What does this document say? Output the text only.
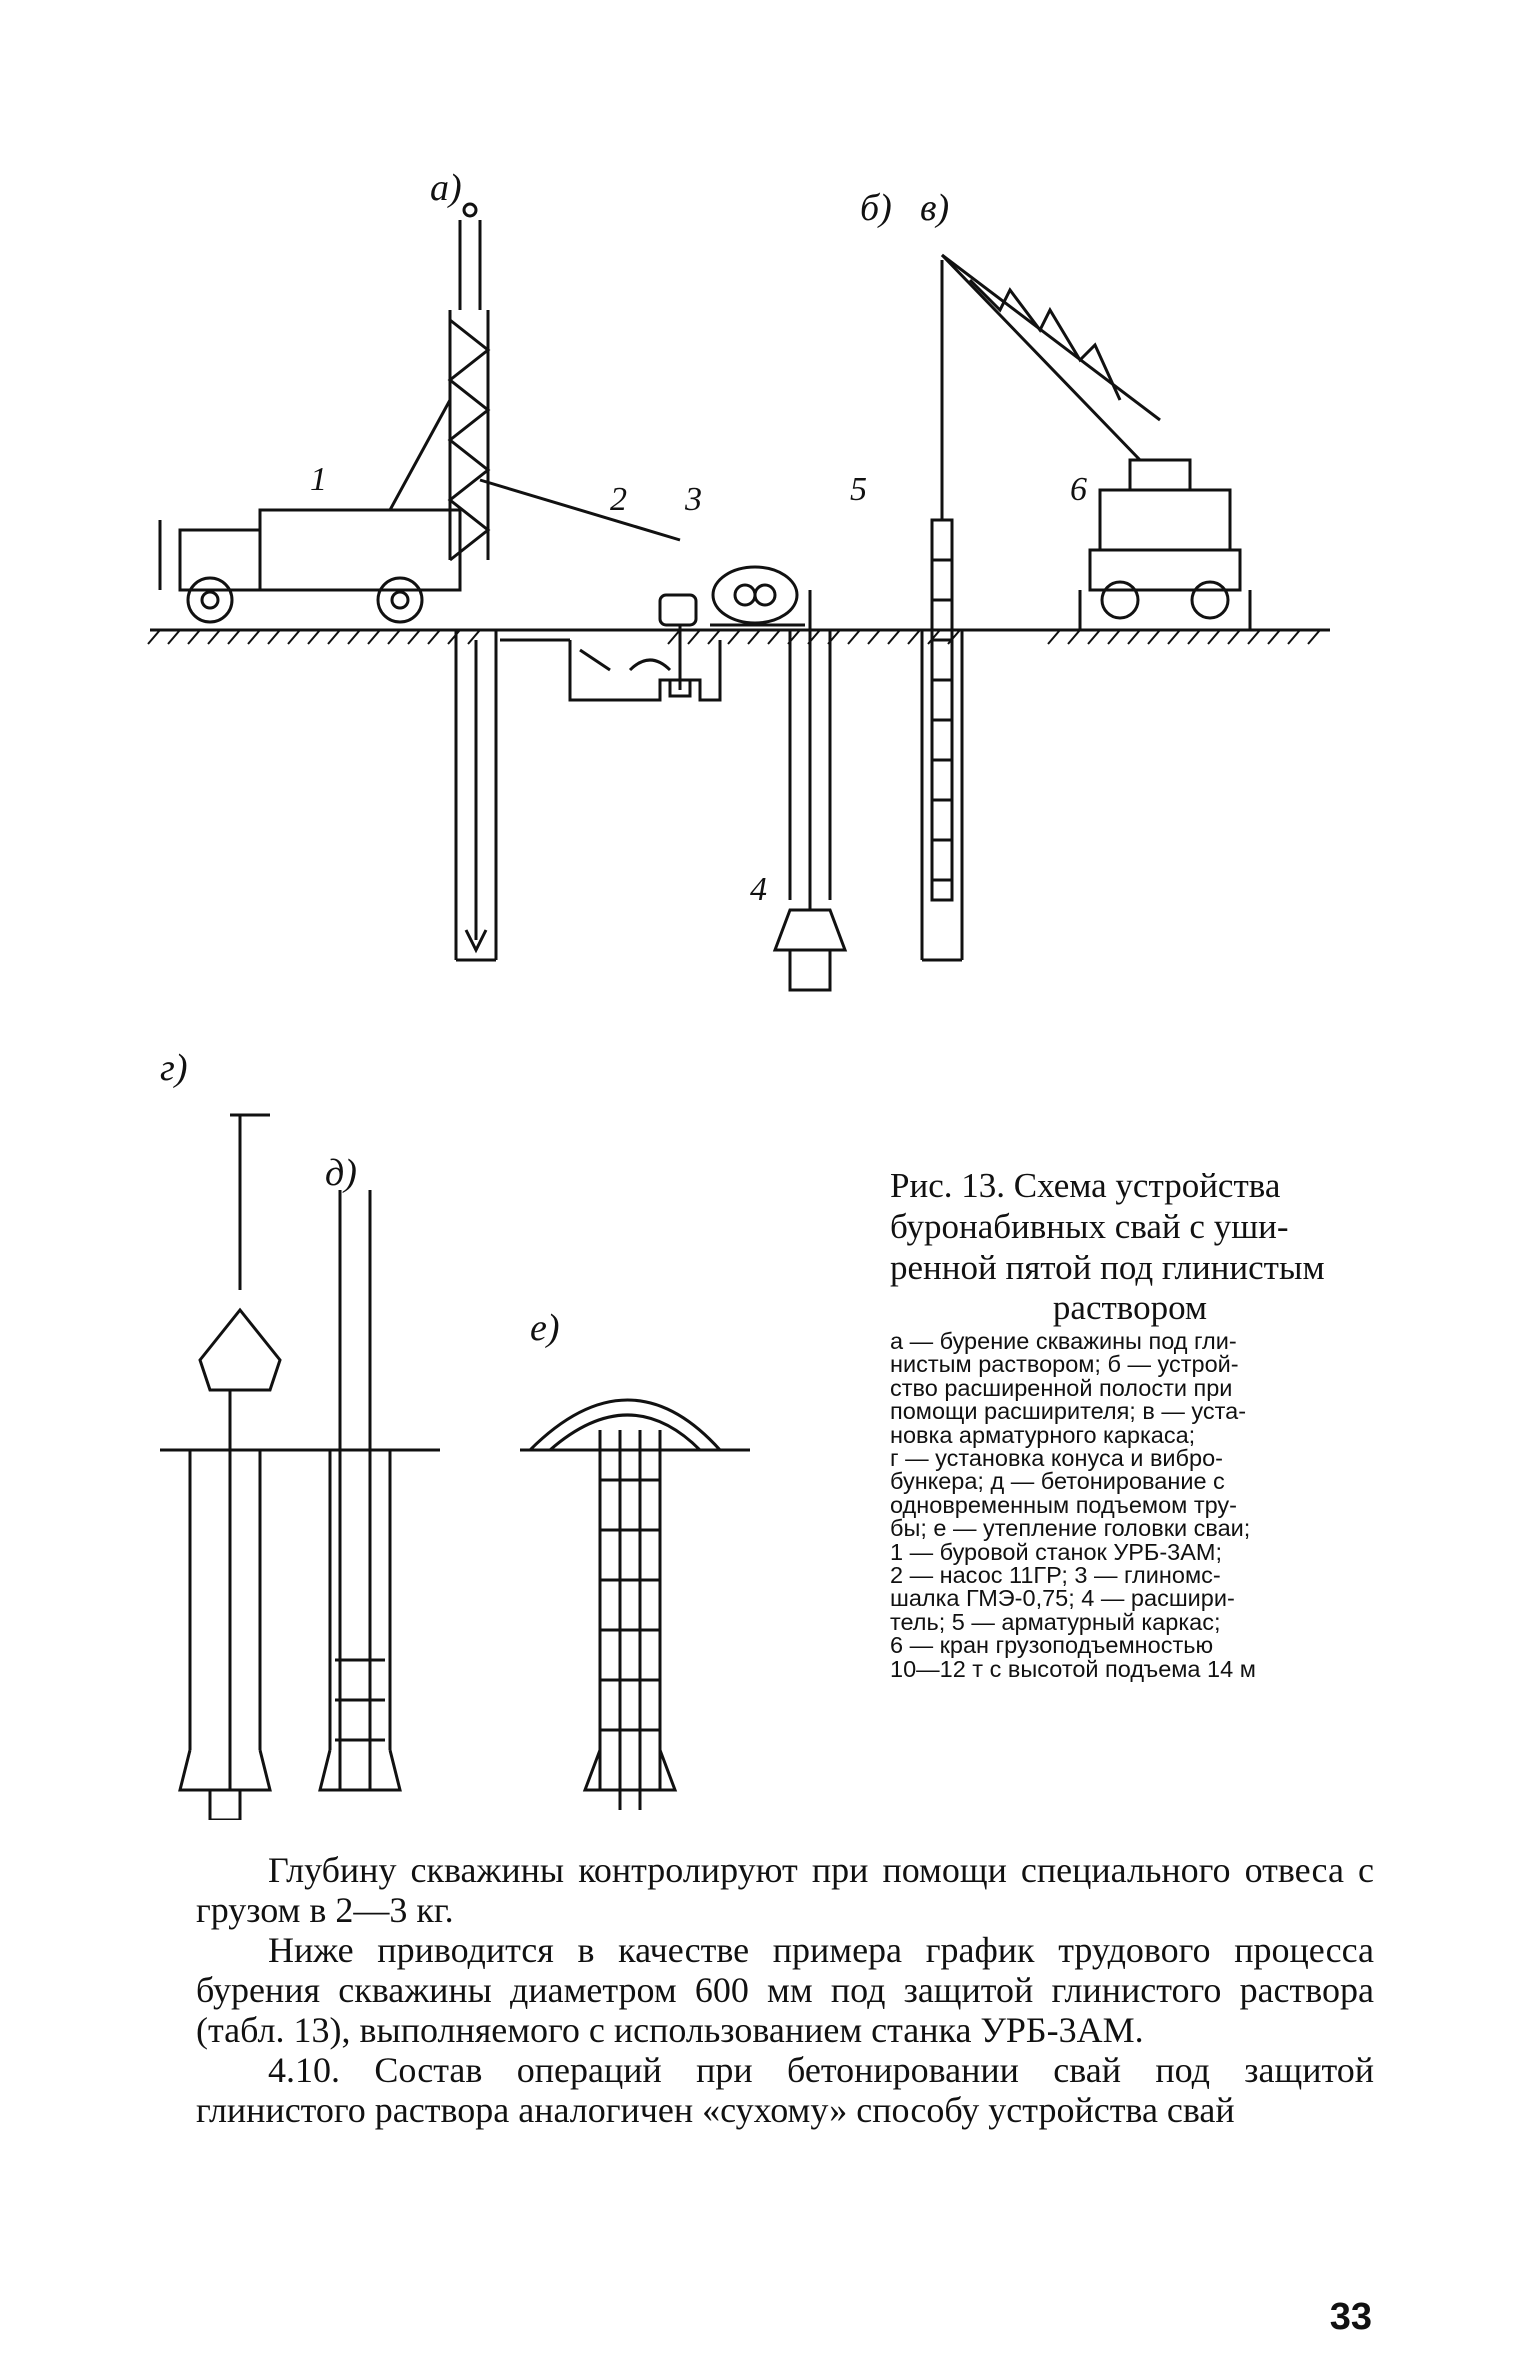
а)	б) в)
1
2 3
4
5	6
г)
д)
е)

Рис. 13. Схема устройства

буронабивных свай с уши-

ренной пятой под глинистым

раствором

а — бурение скважины под гли-
нистым раствором; б — устрой-
ство расширенной полости при
помощи расширителя; в — уста-
новка арматурного каркаса;
г — установка конуса и вибро-
бункера; д — бетонирование с
одновременным подъемом тру-
бы; е — утепление головки сваи;
1 — буровой станок УРБ-3АМ;
2 — насос 11ГР; 3 — глиномс-
шалка ГМЭ-0,75; 4 — расшири-
тель; 5 — арматурный каркас;
6 — кран грузоподъемностью
10—12 т с высотой подъема 14 м

Глубину скважины контролируют при помощи специального отвеса с грузом в 2—3 кг.

Ниже приводится в качестве примера график трудового процесса бурения скважины диаметром 600 мм под защитой глинистого раствора (табл. 13), выполняемого с использованием станка УРБ-3АМ.

4.10. Состав операций при бетонировании свай под защитой глинистого раствора аналогичен «сухому» способу устройства свай

33
